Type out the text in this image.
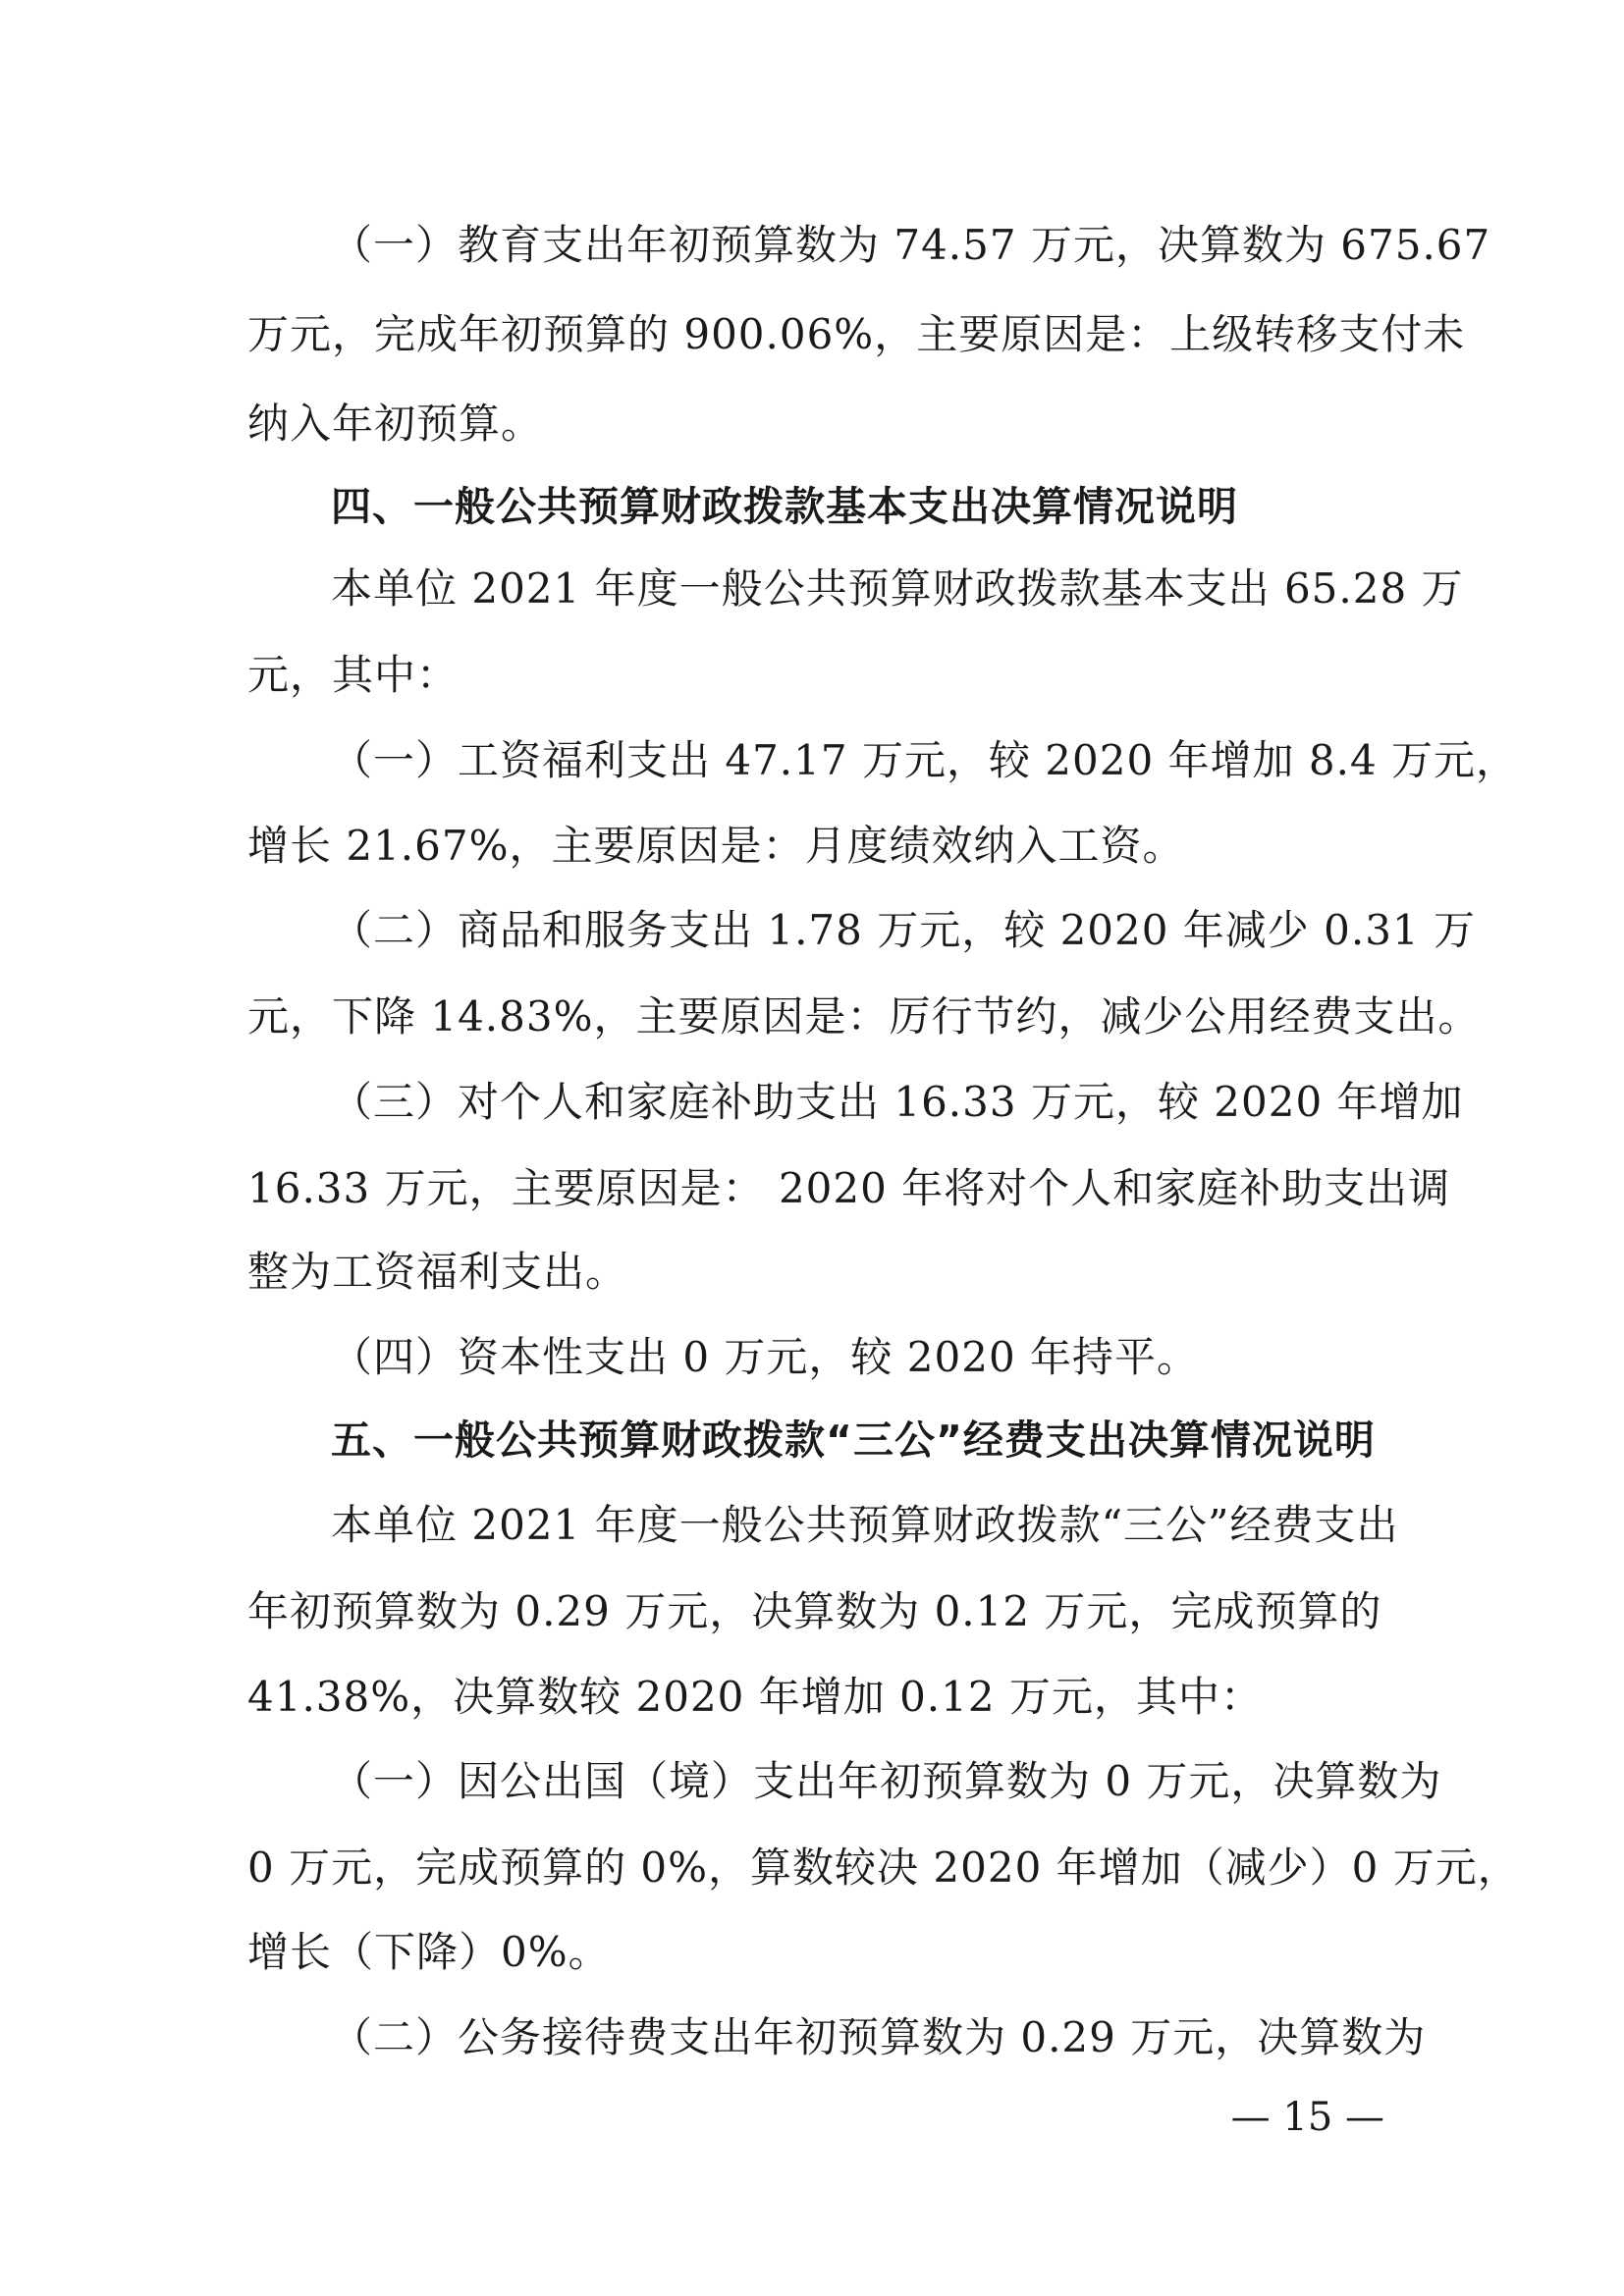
（一）教育支出年初预算数为 74.57 万元，决算数为 675.67
万元，完成年初预算的 900.06%，主要原因是：上级转移支付未
纳入年初预算。
四、一般公共预算财政拨款基本支出决算情况说明
本单位 2021 年度一般公共预算财政拨款基本支出 65.28 万
元，其中：
（一）工资福利支出 47.17 万元，较 2020 年增加 8.4 万元，
增长 21.67%，主要原因是：月度绩效纳入工资。
（二）商品和服务支出 1.78 万元，较 2020 年减少 0.31 万
元，下降 14.83%，主要原因是：厉行节约，减少公用经费支出。
（三）对个人和家庭补助支出 16.33 万元，较 2020 年增加
16.33 万元，主要原因是： 2020 年将对个人和家庭补助支出调
整为工资福利支出。
（四）资本性支出 0 万元，较 2020 年持平。
五、一般公共预算财政拨款“三公”经费支出决算情况说明
本单位 2021 年度一般公共预算财政拨款“三公”经费支出
年初预算数为 0.29 万元，决算数为 0.12 万元，完成预算的
41.38%，决算数较 2020 年增加 0.12 万元，其中：
（一）因公出国（境）支出年初预算数为 0 万元，决算数为
0 万元，完成预算的 0%，算数较决 2020 年增加（减少）0 万元，
增长（下降）0%。
（二）公务接待费支出年初预算数为 0.29 万元，决算数为
— 15 —
